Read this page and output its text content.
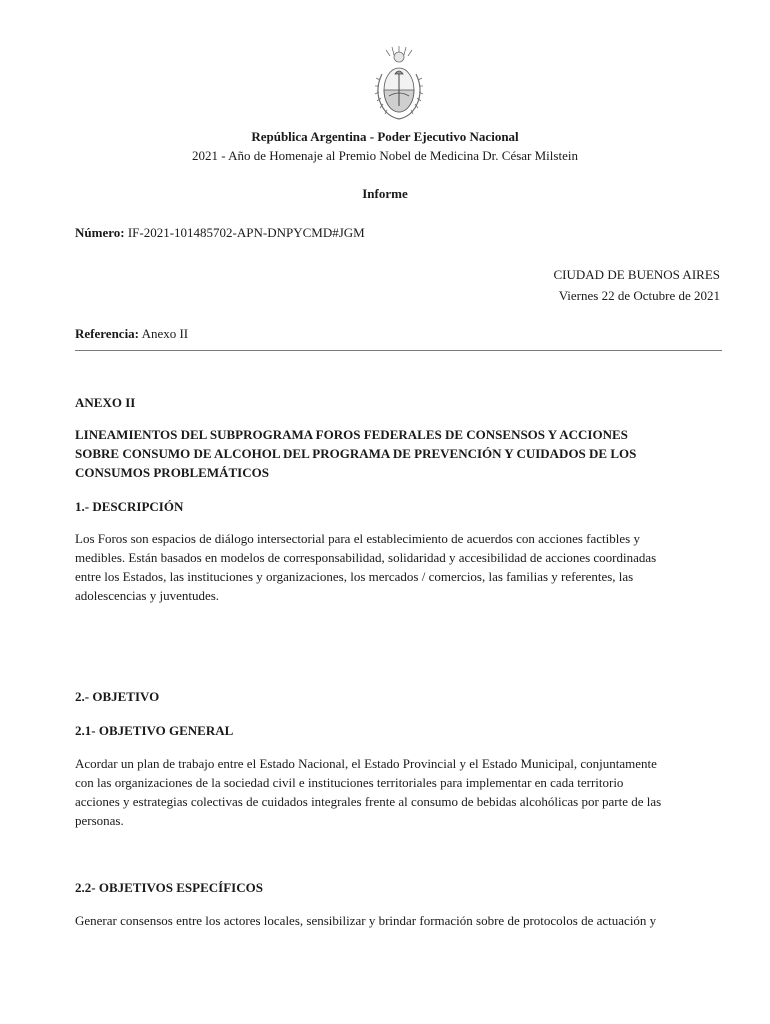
República Argentina - Poder Ejecutivo Nacional
2021 - Año de Homenaje al Premio Nobel de Medicina Dr. César Milstein
Informe
Número: IF-2021-101485702-APN-DNPYCMD#JGM
CIUDAD DE BUENOS AIRES
Viernes 22 de Octubre de 2021
Referencia: Anexo II
ANEXO II
LINEAMIENTOS DEL SUBPROGRAMA FOROS FEDERALES DE CONSENSOS Y ACCIONES
SOBRE CONSUMO DE ALCOHOL DEL PROGRAMA DE PREVENCIÓN Y CUIDADOS DE LOS
CONSUMOS PROBLEMÁTICOS
1.- DESCRIPCIÓN
Los Foros son espacios de diálogo intersectorial para el establecimiento de acuerdos con acciones factibles y
medibles. Están basados en modelos de corresponsabilidad, solidaridad y accesibilidad de acciones coordinadas
entre los Estados, las instituciones y organizaciones, los mercados / comercios, las familias y referentes, las
adolescencias y juventudes.
2.- OBJETIVO
2.1- OBJETIVO GENERAL
Acordar un plan de trabajo entre el Estado Nacional, el Estado Provincial y el Estado Municipal, conjuntamente
con las organizaciones de la sociedad civil e instituciones territoriales para implementar en cada territorio
acciones y estrategias colectivas de cuidados integrales frente al consumo de bebidas alcohólicas por parte de las
personas.
2.2- OBJETIVOS ESPECÍFICOS
Generar consensos entre los actores locales, sensibilizar y brindar formación sobre de protocolos de actuación y
